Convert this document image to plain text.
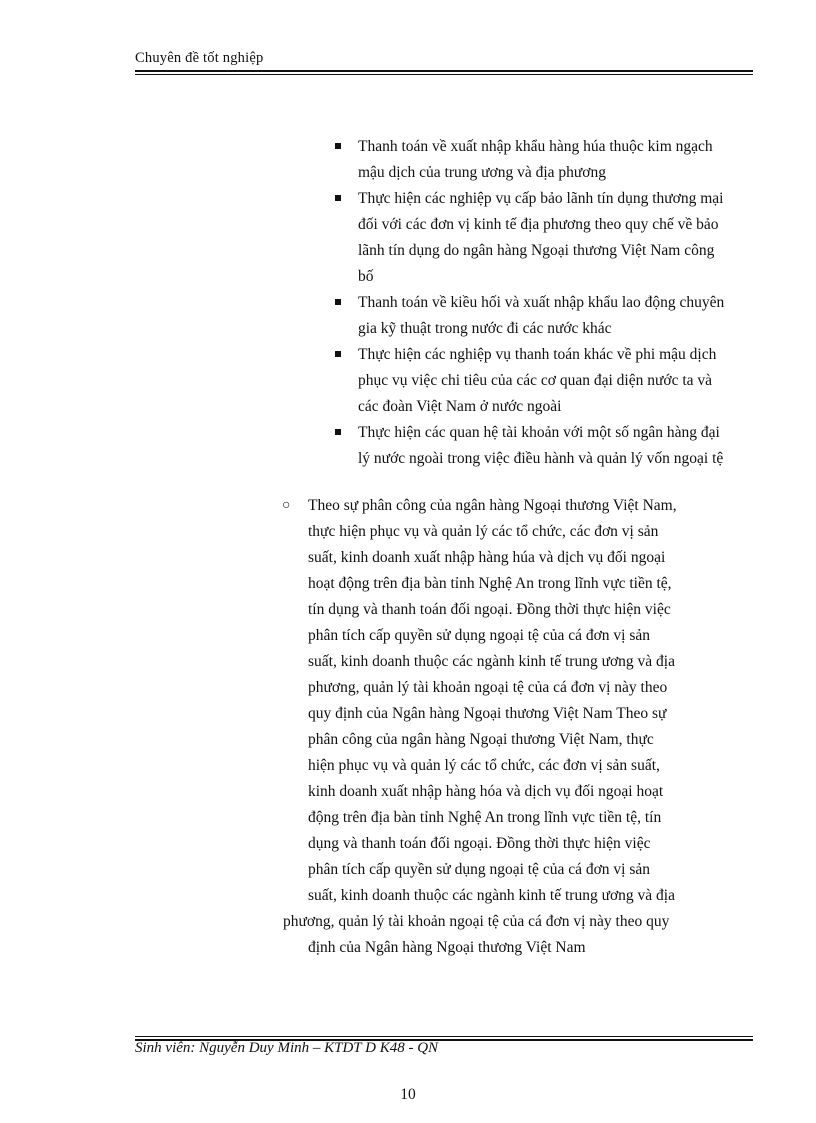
Chuyên đề tốt nghiệp
Thanh toán về xuất nhập khẩu hàng húa thuộc kim ngạch mậu dịch của trung ương và địa phương
Thực hiện các nghiệp vụ cấp bảo lãnh tín dụng thương mại đối với các đơn vị kinh tế địa phương theo quy chế về bảo lãnh tín dụng do ngân hàng Ngoại thương Việt Nam công bố
Thanh toán về kiều hối và xuất nhập khẩu lao động chuyên gia kỹ thuật trong nước đi các nước khác
Thực hiện các nghiệp vụ thanh toán khác về phi mậu dịch phục vụ việc chi tiêu của các cơ quan đại diện nước ta và các đoàn Việt Nam ở nước ngoài
Thực hiện các quan hệ tài khoản với một số ngân hàng đại lý nước ngoài trong việc điều hành và quản lý vốn ngoại tệ
○ Theo sự phân công của ngân hàng Ngoại thương Việt Nam,
thực hiện phục vụ và quản lý các tổ chức, các đơn vị sản
suất, kinh doanh xuất nhập hàng húa và dịch vụ đối ngoại
hoạt động trên địa bàn tỉnh Nghệ An trong lĩnh vực tiền tệ,
tín dụng và thanh toán đối ngoại. Đồng thời thực hiện việc
phân tích cấp quyền sử dụng ngoại tệ của cá đơn vị sản
suất, kinh doanh thuộc các ngành kinh tế trung ương và địa
phương, quản lý tài khoản ngoại tệ của cá đơn vị này theo
quy định của Ngân hàng Ngoại thương Việt Nam Theo sự
phân công của ngân hàng Ngoại thương Việt Nam, thực
hiện phục vụ và quản lý các tổ chức, các đơn vị sản suất,
kinh doanh xuất nhập hàng hóa và dịch vụ đối ngoại hoạt
động trên địa bàn tỉnh Nghệ An trong lĩnh vực tiền tệ, tín
dụng và thanh toán đối ngoại. Đồng thời thực hiện việc
phân tích cấp quyền sử dụng ngoại tệ của cá đơn vị sản
suất, kinh doanh thuộc các ngành kinh tế trung ương và địa
phương, quản lý tài khoản ngoại tệ của cá đơn vị này theo quy
định của Ngân hàng Ngoại thương Việt Nam
Sinh viên: Nguyễn Duy Minh – KTDT D K48 - QN
10
